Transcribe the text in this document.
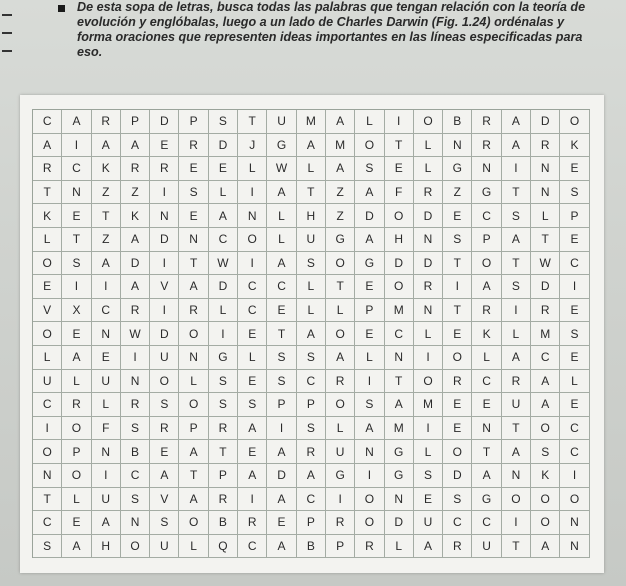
De esta sopa de letras, busca todas las palabras que tengan relación con la teoría de evolución y englóbalas, luego a un lado de Charles Darwin (Fig. 1.24) ordénalas y forma oraciones que representen ideas importantes en las líneas especificadas para eso.

C	A	R	P	D	P	S	T	U	M	A	L	I	O	B	R	A	D	O
A	I	A	A	E	R	D	J	G	A	M	O	T	L	N	R	A	R	K
R	C	K	R	R	E	E	L	W	L	A	S	E	L	G	N	I	N	E
T	N	Z	Z	I	S	L	I	A	T	Z	A	F	R	Z	G	T	N	S
K	E	T	K	N	E	A	N	L	H	Z	D	O	D	E	C	S	L	P
L	T	Z	A	D	N	C	O	L	U	G	A	H	N	S	P	A	T	E
O	S	A	D	I	T	W	I	A	S	O	G	D	D	T	O	T	W	C
E	I	I	A	V	A	D	C	C	L	T	E	O	R	I	A	S	D	I
V	X	C	R	I	R	L	C	E	L	L	P	M	N	T	R	I	R	E
O	E	N	W	D	O	I	E	T	A	O	E	C	L	E	K	L	M	S
L	A	E	I	U	N	G	L	S	S	A	L	N	I	O	L	A	C	E
U	L	U	N	O	L	S	E	S	C	R	I	T	O	R	C	R	A	L
C	R	L	R	S	O	S	S	P	P	O	S	A	M	E	E	U	A	E
I	O	F	S	R	P	R	A	I	S	L	A	M	I	E	N	T	O	C
O	P	N	B	E	A	T	E	A	R	U	N	G	L	O	T	A	S	C
N	O	I	C	A	T	P	A	D	A	G	I	G	S	D	A	N	K	I
T	L	U	S	V	A	R	I	A	C	I	O	N	E	S	G	O	O	O
C	E	A	N	S	O	B	R	E	P	R	O	D	U	C	C	I	O	N
S	A	H	O	U	L	Q	C	A	B	P	R	L	A	R	U	T	A	N
